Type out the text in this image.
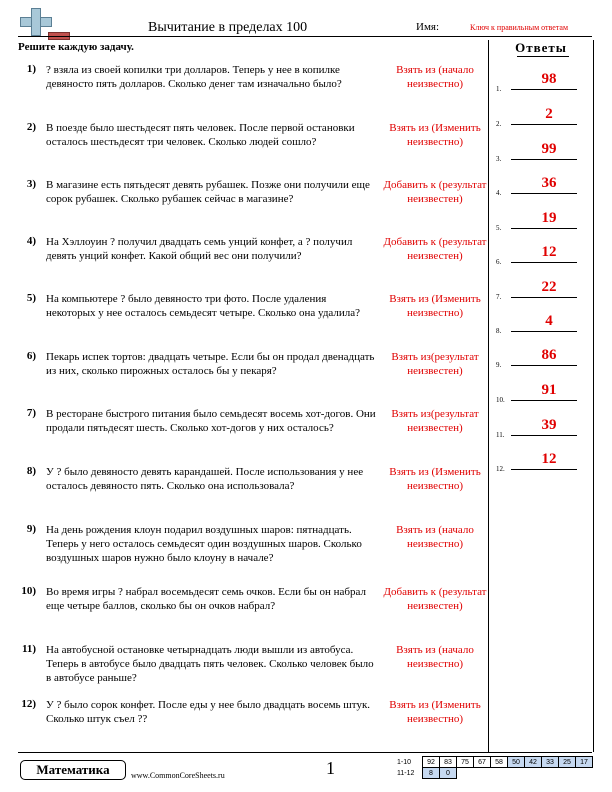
Вычитание в пределах 100	Имя:	Ключ к правильным ответам
Решите каждую задачу.
1) ? взяла из своей копилки три долларов. Теперь у нее в копилке девяносто пять долларов. Сколько денег там изначально было?
Взять из (начало неизвестно)
2) В поезде было шестьдесят пять человек. После первой остановки осталось шестьдесят три человек. Сколько людей сошло?
Взять из (Изменить неизвестно)
3) В магазине есть пятьдесят девять рубашек. Позже они получили еще сорок рубашек. Сколько рубашек сейчас в магазине?
Добавить к (результат неизвестен)
4) На Хэллоуин ? получил двадцать семь унций конфет, а ? получил девять унций конфет. Какой общий вес они получили?
Добавить к (результат неизвестен)
5) На компьютере ? было девяносто три фото. После удаления некоторых у нее осталось семьдесят четыре. Сколько она удалила?
Взять из (Изменить неизвестно)
6) Пекарь испек тортов: двадцать четыре. Если бы он продал двенадцать из них, сколько пирожных осталось бы у пекаря?
Взять из(результат неизвестен)
7) В ресторане быстрого питания было семьдесят восемь хот-догов. Они продали пятьдесят шесть. Сколько хот-догов у них осталось?
Взять из(результат неизвестен)
8) У ? было девяносто девять карандашей. После использования у нее осталось девяносто пять. Сколько она использовала?
Взять из (Изменить неизвестно)
9) На день рождения клоун подарил воздушных шаров: пятнадцать. Теперь у него осталось семьдесят один воздушных шаров. Сколько воздушных шаров нужно было клоуну в начале?
Взять из (начало неизвестно)
10) Во время игры ? набрал восемьдесят семь очков. Если бы он набрал еще четыре баллов, сколько бы он очков набрал?
Добавить к (результат неизвестен)
11) На автобусной остановке четырнадцать люди вышли из автобуса. Теперь в автобусе было двадцать пять человек. Сколько человек было в автобусе раньше?
Взять из (начало неизвестно)
12) У ? было сорок конфет. После еды у нее было двадцать восемь штук. Сколько штук съел ??
Взять из (Изменить неизвестно)
Ответы
1.
98
2.
2
3.
99
4.
36
5.
19
6.
12
7.
22
8.
4
9.
86
10.
91
11.
39
12.
12
Математика	www.CommonCoreSheets.ru	1	1-10	92	83	75	67	58	50	42	33	25	17
11-12	8	0								
